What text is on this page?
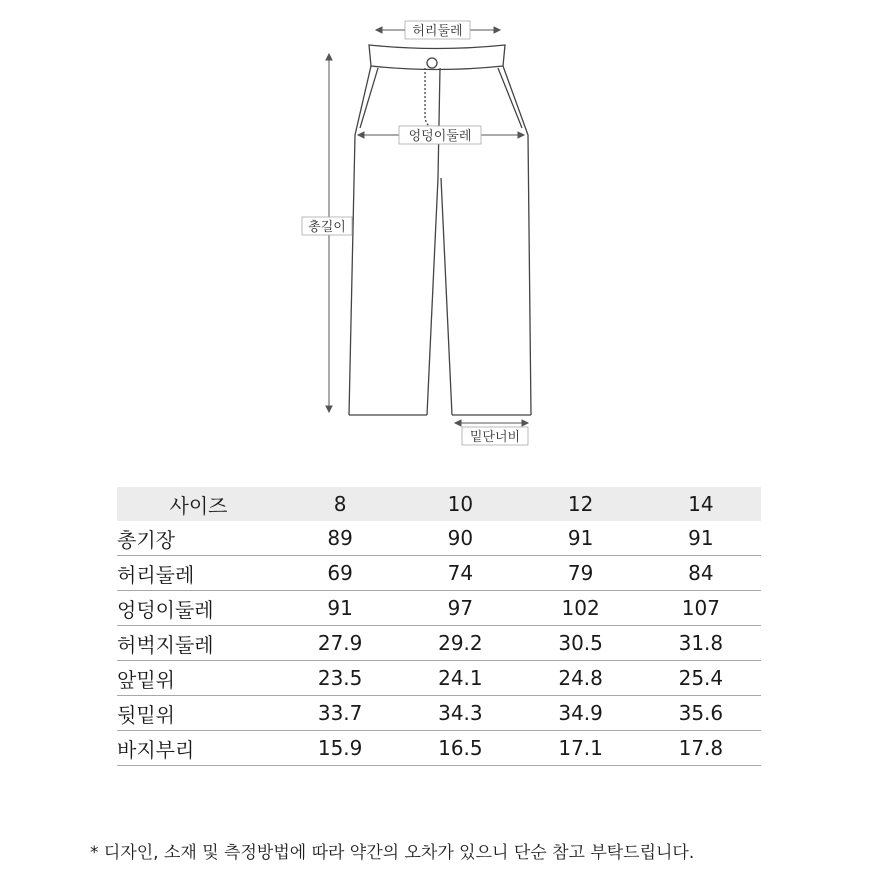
허리둘레
엉덩이둘레
총길이
밑단너비
사이즈	8	10	12	14
총기장	89	90	91	91
허리둘레	69	74	79	84
엉덩이둘레	91	97	102	107
허벅지둘레	27.9	29.2	30.5	31.8
앞밑위	23.5	24.1	24.8	25.4
뒷밑위	33.7	34.3	34.9	35.6
바지부리	15.9	16.5	17.1	17.8
* 디자인, 소재 및 측정방법에 따라 약간의 오차가 있으니 단순 참고 부탁드립니다.
